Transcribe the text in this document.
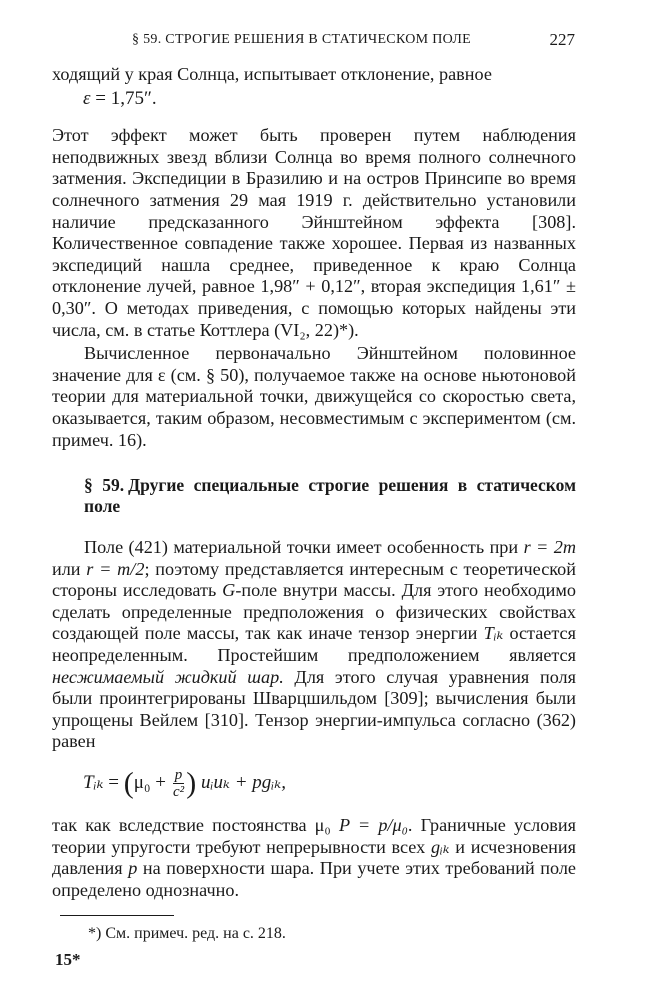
§ 59. СТРОГИЕ РЕШЕНИЯ В СТАТИЧЕСКОМ ПОЛЕ	227

ходящий у края Солнца, испытывает отклонение, равное

ε = 1,75″.

Этот эффект может быть проверен путем наблюдения неподвижных звезд вблизи Солнца во время полного солнечного затмения. Экспедиции в Бразилию и на остров Принсипе во время солнечного затмения 29 мая 1919 г. действительно установили наличие предсказанного Эйнштейном эффекта [308]. Количественное совпадение также хорошее. Первая из названных экспедиций нашла среднее, приведенное к краю Солнца отклонение лучей, равное 1,98″ + 0,12″, вторая экспедиция 1,61″ ± 0,30″. О методах приведения, с помощью которых найдены эти числа, см. в статье Коттлера (VI₂, 22)*).

Вычисленное первоначально Эйнштейном половинное значение для ε (см. § 50), получаемое также на основе ньютоновой теории для материальной точки, движущейся со скоростью света, оказывается, таким образом, несовместимым с экспериментом (см. примеч. 16).

§ 59. Другие специальные строгие решения в статическом поле

Поле (421) материальной точки имеет особенность при r = 2m или r = m/2; поэтому представляется интересным с теоретической стороны исследовать G-поле внутри массы. Для этого необходимо сделать определенные предположения о физических свойствах создающей поле массы, так как иначе тензор энергии Tᵢₖ остается неопределенным. Простейшим предположением является несжимаемый жидкий шар. Для этого случая уравнения поля были проинтегрированы Шварцшильдом [309]; вычисления были упрощены Вейлем [310]. Тензор энергии-импульса согласно (362) равен

Tᵢₖ = ($\mu_0 + \frac{p}{\text{c²}}$ ) uᵢuₖ + pgᵢₖ,

так как вследствие постоянства μ₀ P = p/μ₀. Граничные условия теории упругости требуют непрерывности всех gᵢₖ и исчезновения давления p на поверхности шара. При учете этих требований поле определено однозначно.

*) См. примеч. ред. на с. 218.
15*
